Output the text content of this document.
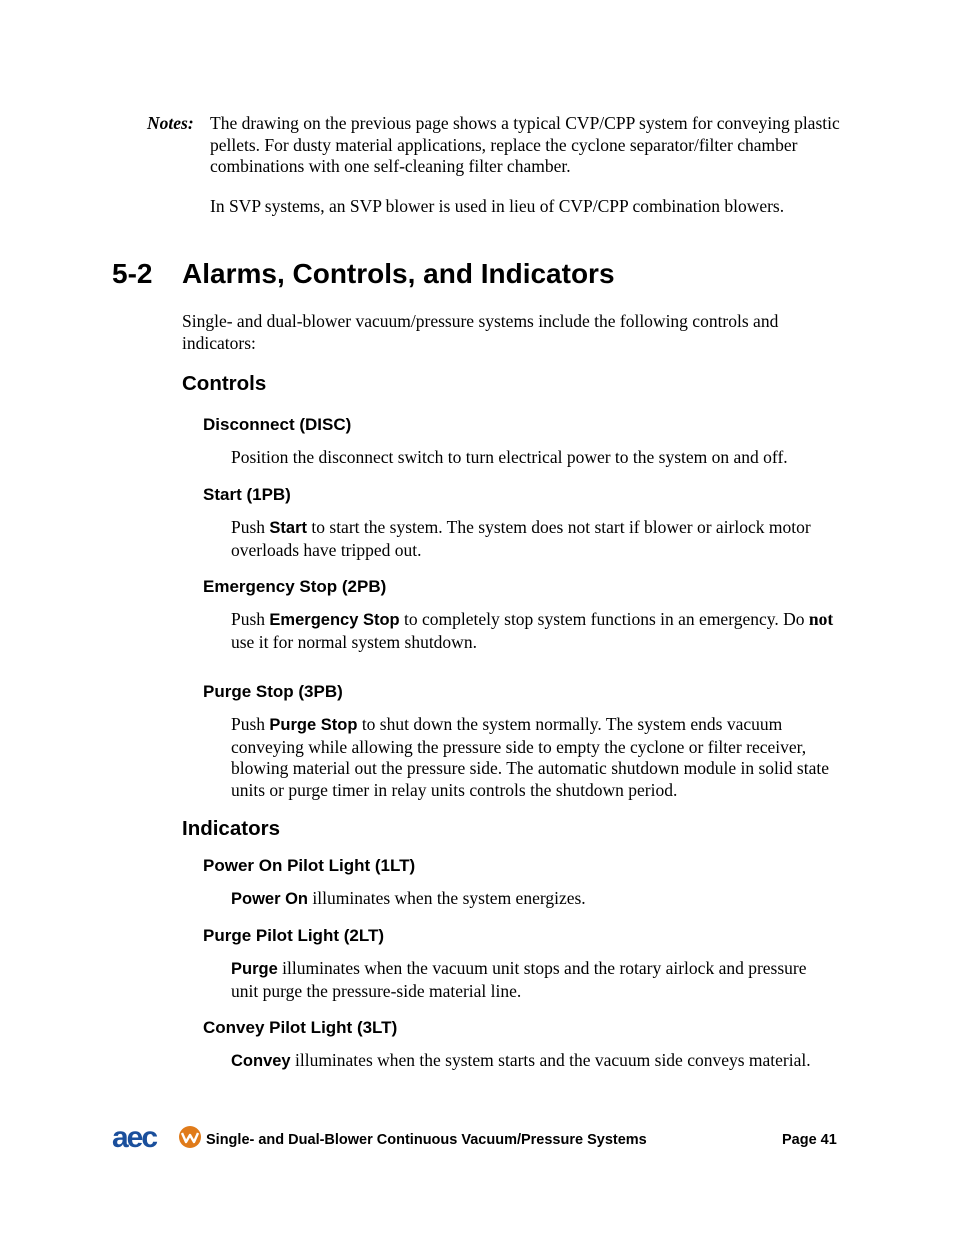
Notes: The drawing on the previous page shows a typical CVP/CPP system for conveying plastic pellets. For dusty material applications, replace the cyclone separator/filter chamber combinations with one self-cleaning filter chamber.
In SVP systems, an SVP blower is used in lieu of CVP/CPP combination blowers.
5-2 Alarms, Controls, and Indicators
Single- and dual-blower vacuum/pressure systems include the following controls and indicators:
Controls
Disconnect (DISC)
Position the disconnect switch to turn electrical power to the system on and off.
Start (1PB)
Push Start to start the system. The system does not start if blower or airlock motor overloads have tripped out.
Emergency Stop (2PB)
Push Emergency Stop to completely stop system functions in an emergency. Do not use it for normal system shutdown.
Purge Stop (3PB)
Push Purge Stop to shut down the system normally. The system ends vacuum conveying while allowing the pressure side to empty the cyclone or filter receiver, blowing material out the pressure side. The automatic shutdown module in solid state units or purge timer in relay units controls the shutdown period.
Indicators
Power On Pilot Light (1LT)
Power On illuminates when the system energizes.
Purge Pilot Light (2LT)
Purge illuminates when the vacuum unit stops and the rotary airlock and pressure unit purge the pressure-side material line.
Convey Pilot Light (3LT)
Convey illuminates when the system starts and the vacuum side conveys material.
aec	Single- and Dual-Blower Continuous Vacuum/Pressure Systems	Page 41
